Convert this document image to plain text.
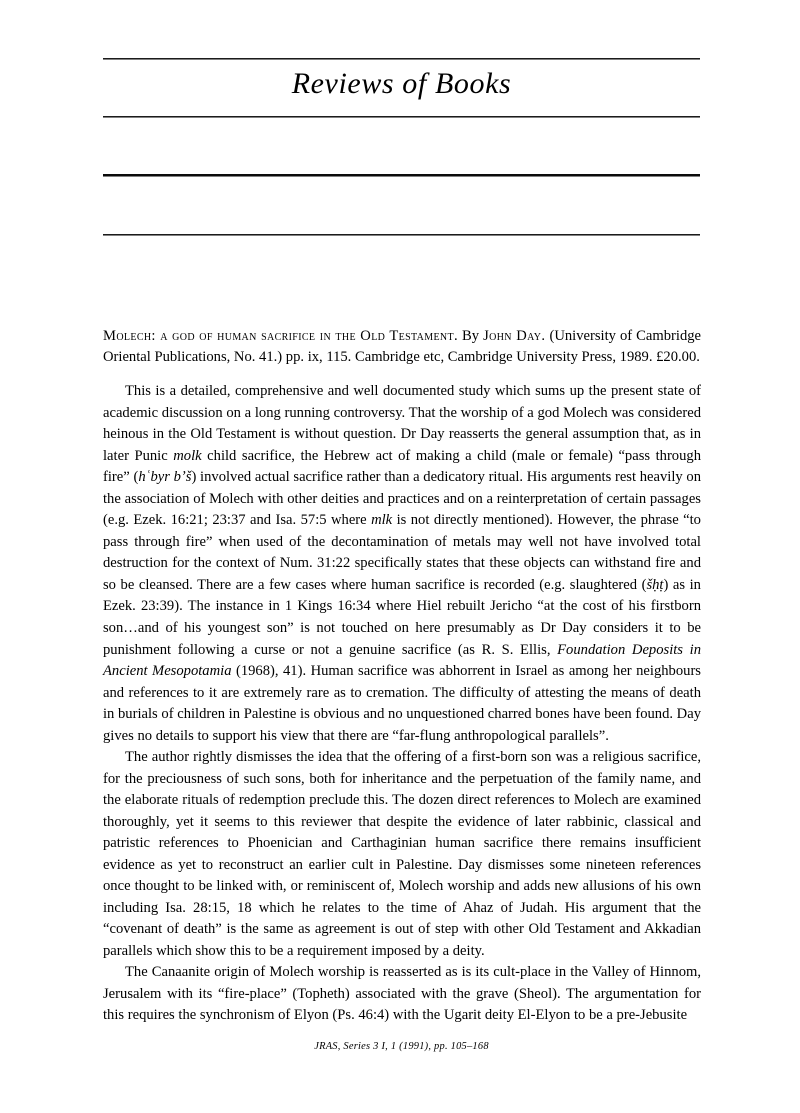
Reviews of Books
Molech: a god of human sacrifice in the Old Testament. By John Day. (University of Cambridge Oriental Publications, No. 41.) pp. ix, 115. Cambridge etc, Cambridge University Press, 1989. £20.00.

This is a detailed, comprehensive and well documented study which sums up the present state of academic discussion on a long running controversy. That the worship of a god Molech was considered heinous in the Old Testament is without question. Dr Day reasserts the general assumption that, as in later Punic molk child sacrifice, the Hebrew act of making a child (male or female) “pass through fire” (hʿbyr bʼš) involved actual sacrifice rather than a dedicatory ritual. His arguments rest heavily on the association of Molech with other deities and practices and on a reinterpretation of certain passages (e.g. Ezek. 16:21; 23:37 and Isa. 57:5 where mlk is not directly mentioned). However, the phrase “to pass through fire” when used of the decontamination of metals may well not have involved total destruction for the context of Num. 31:22 specifically states that these objects can withstand fire and so be cleansed. There are a few cases where human sacrifice is recorded (e.g. slaughtered (šḥṭ) as in Ezek. 23:39). The instance in 1 Kings 16:34 where Hiel rebuilt Jericho “at the cost of his firstborn son…and of his youngest son” is not touched on here presumably as Dr Day considers it to be punishment following a curse or not a genuine sacrifice (as R. S. Ellis, Foundation Deposits in Ancient Mesopotamia (1968), 41). Human sacrifice was abhorrent in Israel as among her neighbours and references to it are extremely rare as to cremation. The difficulty of attesting the means of death in burials of children in Palestine is obvious and no unquestioned charred bones have been found. Day gives no details to support his view that there are “far-flung anthropological parallels”.

The author rightly dismisses the idea that the offering of a first-born son was a religious sacrifice, for the preciousness of such sons, both for inheritance and the perpetuation of the family name, and the elaborate rituals of redemption preclude this. The dozen direct references to Molech are examined thoroughly, yet it seems to this reviewer that despite the evidence of later rabbinic, classical and patristic references to Phoenician and Carthaginian human sacrifice there remains insufficient evidence as yet to reconstruct an earlier cult in Palestine. Day dismisses some nineteen references once thought to be linked with, or reminiscent of, Molech worship and adds new allusions of his own including Isa. 28:15, 18 which he relates to the time of Ahaz of Judah. His argument that the “covenant of death” is the same as agreement is out of step with other Old Testament and Akkadian parallels which show this to be a requirement imposed by a deity.

The Canaanite origin of Molech worship is reasserted as is its cult-place in the Valley of Hinnom, Jerusalem with its “fire-place” (Topheth) associated with the grave (Sheol). The argumentation for this requires the synchronism of Elyon (Ps. 46:4) with the Ugarit deity El-Elyon to be a pre-Jebusite

JRAS, Series 3 I, 1 (1991), pp. 105–168
